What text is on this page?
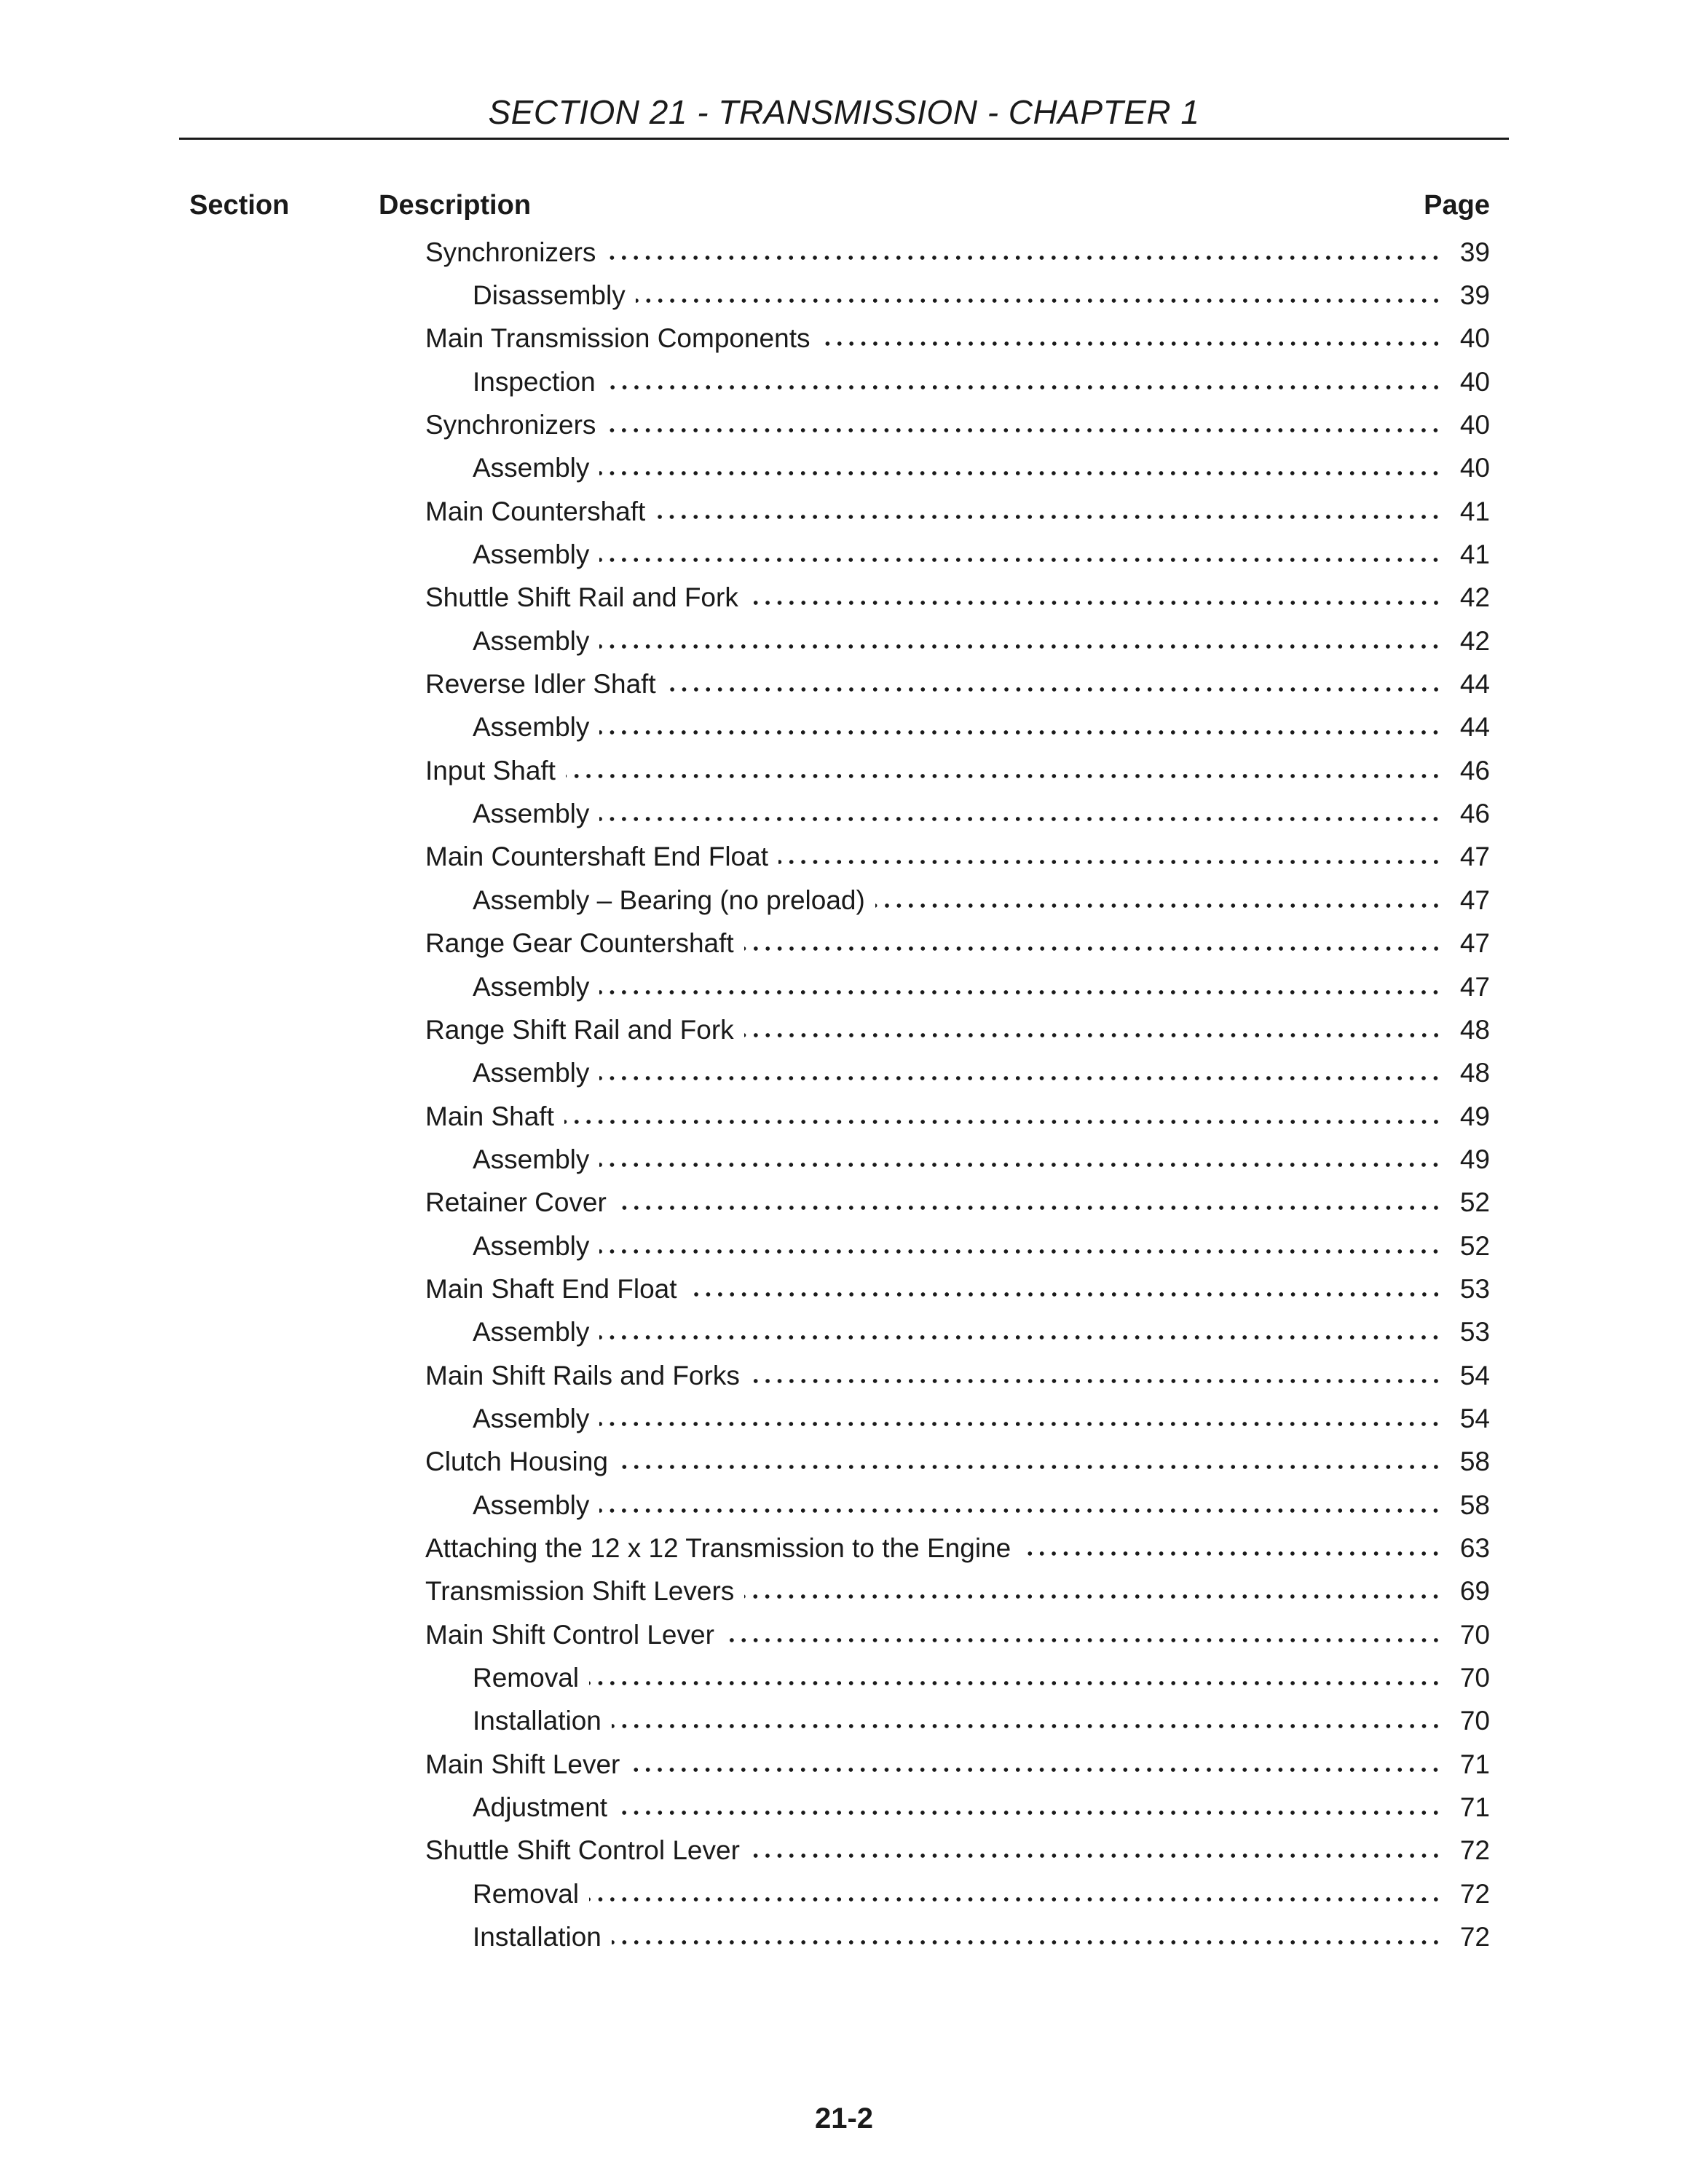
SECTION 21 - TRANSMISSION - CHAPTER 1
Section	Description	Page
Synchronizers	39
Disassembly	39
Main Transmission Components	40
Inspection	40
Synchronizers	40
Assembly	40
Main Countershaft	41
Assembly	41
Shuttle Shift Rail and Fork	42
Assembly	42
Reverse Idler Shaft	44
Assembly	44
Input Shaft	46
Assembly	46
Main Countershaft End Float	47
Assembly – Bearing (no preload)	47
Range Gear Countershaft	47
Assembly	47
Range Shift Rail and Fork	48
Assembly	48
Main Shaft	49
Assembly	49
Retainer Cover	52
Assembly	52
Main Shaft End Float	53
Assembly	53
Main Shift Rails and Forks	54
Assembly	54
Clutch Housing	58
Assembly	58
Attaching the 12 x 12 Transmission to the Engine	63
Transmission Shift Levers	69
Main Shift Control Lever	70
Removal	70
Installation	70
Main Shift Lever	71
Adjustment	71
Shuttle Shift Control Lever	72
Removal	72
Installation	72
21-2
